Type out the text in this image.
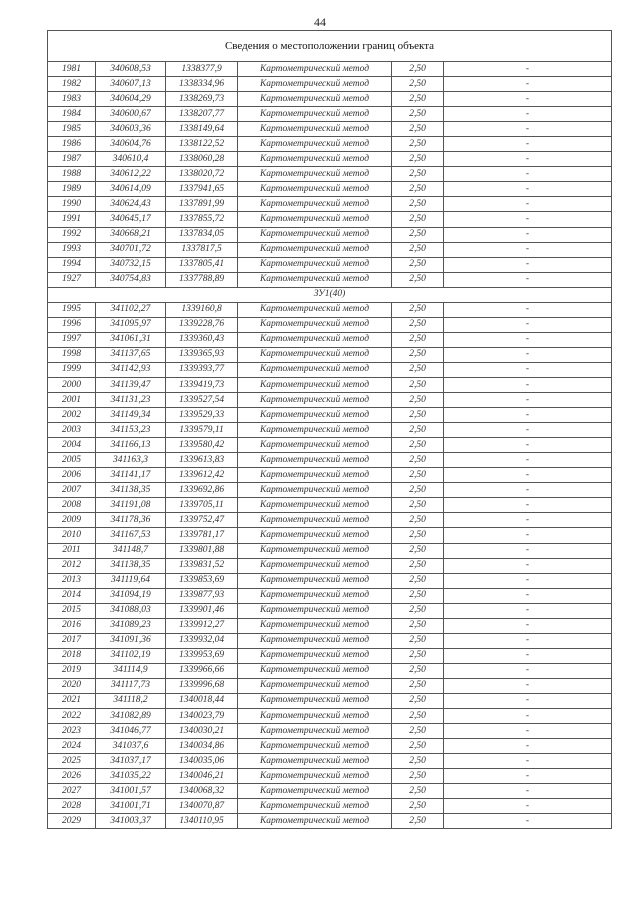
44
Сведения о местоположении границ объекта					
1981	340608,53	1338377,9	Картометрический метод	2,50	-
1982	340607,13	1338334,96	Картометрический метод	2,50	-
1983	340604,29	1338269,73	Картометрический метод	2,50	-
1984	340600,67	1338207,77	Картометрический метод	2,50	-
1985	340603,36	1338149,64	Картометрический метод	2,50	-
1986	340604,76	1338122,52	Картометрический метод	2,50	-
1987	340610,4	1338060,28	Картометрический метод	2,50	-
1988	340612,22	1338020,72	Картометрический метод	2,50	-
1989	340614,09	1337941,65	Картометрический метод	2,50	-
1990	340624,43	1337891,99	Картометрический метод	2,50	-
1991	340645,17	1337855,72	Картометрический метод	2,50	-
1992	340668,21	1337834,05	Картометрический метод	2,50	-
1993	340701,72	1337817,5	Картометрический метод	2,50	-
1994	340732,15	1337805,41	Картометрический метод	2,50	-
1927	340754,83	1337788,89	Картометрический метод	2,50	-
ЗУ1(40)					
1995	341102,27	1339160,8	Картометрический метод	2,50	-
1996	341095,97	1339228,76	Картометрический метод	2,50	-
1997	341061,31	1339360,43	Картометрический метод	2,50	-
1998	341137,65	1339365,93	Картометрический метод	2,50	-
1999	341142,93	1339393,77	Картометрический метод	2,50	-
2000	341139,47	1339419,73	Картометрический метод	2,50	-
2001	341131,23	1339527,54	Картометрический метод	2,50	-
2002	341149,34	1339529,33	Картометрический метод	2,50	-
2003	341153,23	1339579,11	Картометрический метод	2,50	-
2004	341166,13	1339580,42	Картометрический метод	2,50	-
2005	341163,3	1339613,83	Картометрический метод	2,50	-
2006	341141,17	1339612,42	Картометрический метод	2,50	-
2007	341138,35	1339692,86	Картометрический метод	2,50	-
2008	341191,08	1339705,11	Картометрический метод	2,50	-
2009	341178,36	1339752,47	Картометрический метод	2,50	-
2010	341167,53	1339781,17	Картометрический метод	2,50	-
2011	341148,7	1339801,88	Картометрический метод	2,50	-
2012	341138,35	1339831,52	Картометрический метод	2,50	-
2013	341119,64	1339853,69	Картометрический метод	2,50	-
2014	341094,19	1339877,93	Картометрический метод	2,50	-
2015	341088,03	1339901,46	Картометрический метод	2,50	-
2016	341089,23	1339912,27	Картометрический метод	2,50	-
2017	341091,36	1339932,04	Картометрический метод	2,50	-
2018	341102,19	1339953,69	Картометрический метод	2,50	-
2019	341114,9	1339966,66	Картометрический метод	2,50	-
2020	341117,73	1339996,68	Картометрический метод	2,50	-
2021	341118,2	1340018,44	Картометрический метод	2,50	-
2022	341082,89	1340023,79	Картометрический метод	2,50	-
2023	341046,77	1340030,21	Картометрический метод	2,50	-
2024	341037,6	1340034,86	Картометрический метод	2,50	-
2025	341037,17	1340035,06	Картометрический метод	2,50	-
2026	341035,22	1340046,21	Картометрический метод	2,50	-
2027	341001,57	1340068,32	Картометрический метод	2,50	-
2028	341001,71	1340070,87	Картометрический метод	2,50	-
2029	341003,37	1340110,95	Картометрический метод	2,50	-
